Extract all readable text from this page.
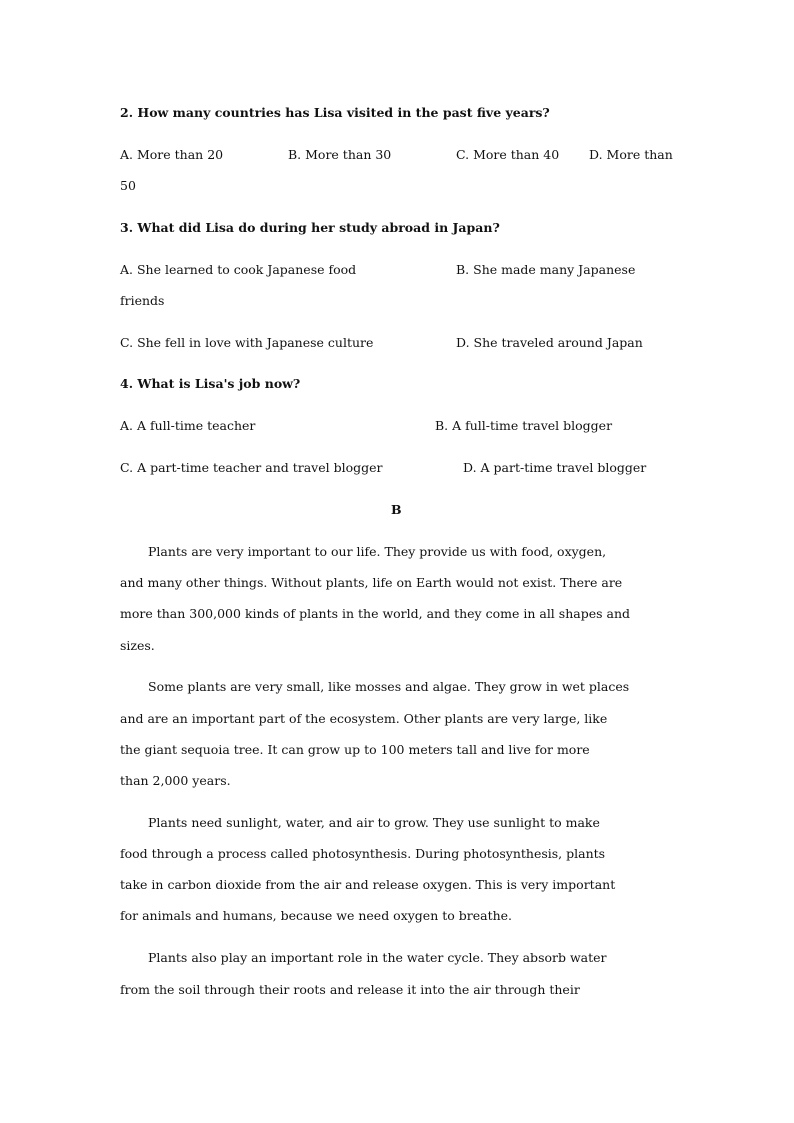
2. How many countries has Lisa visited in the past five years?
A. More than 20	B. More than 30	C. More than 40 D. More than
50
3. What did Lisa do during her study abroad in Japan?
A. She learned to cook Japanese food	B. She made many Japanese
friends
C. She fell in love with Japanese culture	D. She traveled around Japan
4. What is Lisa's job now?
A. A full-time teacher	B. A full-time travel blogger
C. A part-time teacher and travel blogger	D. A part-time travel blogger
B
Plants are very important to our life. They provide us with food, oxygen,
and many other things. Without plants, life on Earth would not exist. There are
more than 300,000 kinds of plants in the world, and they come in all shapes and
sizes.
Some plants are very small, like mosses and algae. They grow in wet places
and are an important part of the ecosystem. Other plants are very large, like
the giant sequoia tree. It can grow up to 100 meters tall and live for more
than 2,000 years.
Plants need sunlight, water, and air to grow. They use sunlight to make
food through a process called photosynthesis. During photosynthesis, plants
take in carbon dioxide from the air and release oxygen. This is very important
for animals and humans, because we need oxygen to breathe.
Plants also play an important role in the water cycle. They absorb water
from the soil through their roots and release it into the air through their
